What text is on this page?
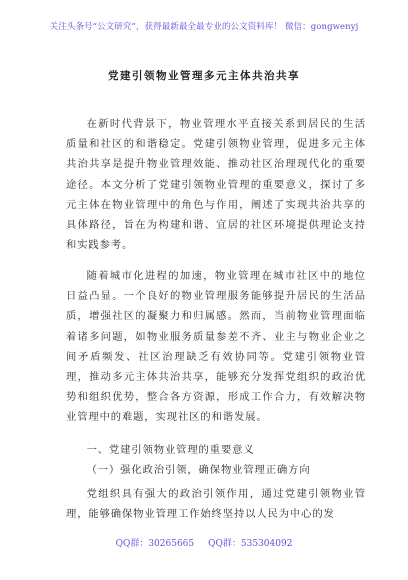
关注头条号“公文研究”，获得最新最全最专业的公文资料库！ 微信：gongwenyj
党建引领物业管理多元主体共治共享

在新时代背景下，物业管理水平直接关系到居民的生活质量和社区的和谐稳定。党建引领物业管理，促进多元主体共治共享是提升物业管理效能、推动社区治理现代化的重要途径。本文分析了党建引领物业管理的重要意义，探讨了多元主体在物业管理中的角色与作用，阐述了实现共治共享的具体路径，旨在为构建和谐、宜居的社区环境提供理论支持和实践参考。

随着城市化进程的加速，物业管理在城市社区中的地位日益凸显。一个良好的物业管理服务能够提升居民的生活品质，增强社区的凝聚力和归属感。然而，当前物业管理面临着诸多问题，如物业服务质量参差不齐、业主与物业企业之间矛盾频发、社区治理缺乏有效协同等。党建引领物业管理，推动多元主体共治共享，能够充分发挥党组织的政治优势和组织优势，整合各方资源，形成工作合力，有效解决物业管理中的难题，实现社区的和谐发展。

一、党建引领物业管理的重要意义

（一）强化政治引领，确保物业管理正确方向

党组织具有强大的政治引领作用，通过党建引领物业管理，能够确保物业管理工作始终坚持以人民为中心的发

QQ群：30265665 QQ群：535304092
